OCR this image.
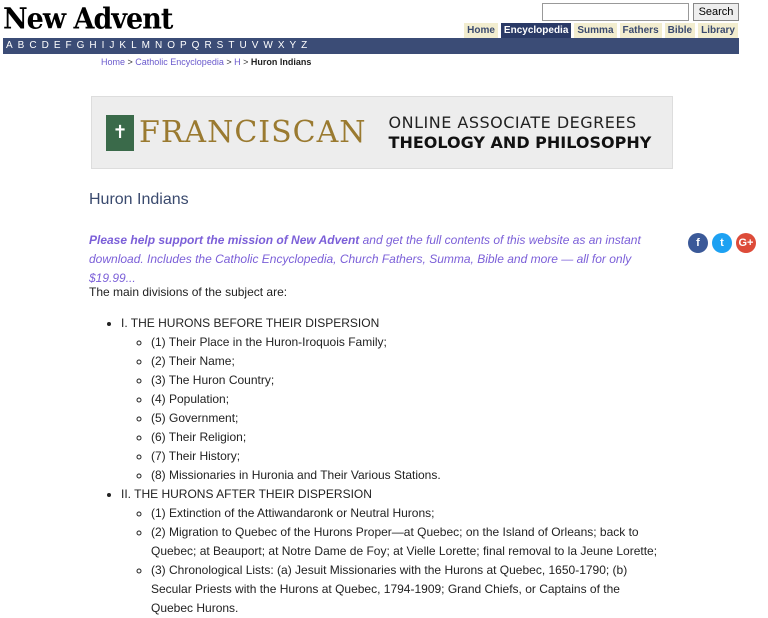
New Advent	Search
Home Encyclopedia Summa Fathers Bible Library
A B C D E F G H I J K L M N O P Q R S T U V W X Y Z
Home > Catholic Encyclopedia > H > Huron Indians
✝ FRANCISCAN ONLINE ASSOCIATE DEGREES
THEOLOGY AND PHILOSOPHY
Huron Indians
f	t	G+
Please help support the mission of New Advent and get the full contents of this website as an instant download. Includes the Catholic Encyclopedia, Church Fathers, Summa, Bible and more — all for only $19.99...
The main divisions of the subject are:
• I. THE HURONS BEFORE THEIR DISPERSION
◦ (1) Their Place in the Huron-Iroquois Family;
◦ (2) Their Name;
◦ (3) The Huron Country;
◦ (4) Population;
◦ (5) Government;
◦ (6) Their Religion;
◦ (7) Their History;
◦ (8) Missionaries in Huronia and Their Various Stations.
• II. THE HURONS AFTER THEIR DISPERSION
◦ (1) Extinction of the Attiwandaronk or Neutral Hurons;
◦ (2) Migration to Quebec of the Hurons Proper—at Quebec; on the Island of Orleans; back to Quebec; at Beauport; at Notre Dame de Foy; at Vielle Lorette; final removal to la Jeune Lorette;
◦ (3) Chronological Lists: (a) Jesuit Missionaries with the Hurons at Quebec, 1650-1790; (b) Secular Priests with the Hurons at Quebec, 1794-1909; Grand Chiefs, or Captains of the Quebec Hurons.
